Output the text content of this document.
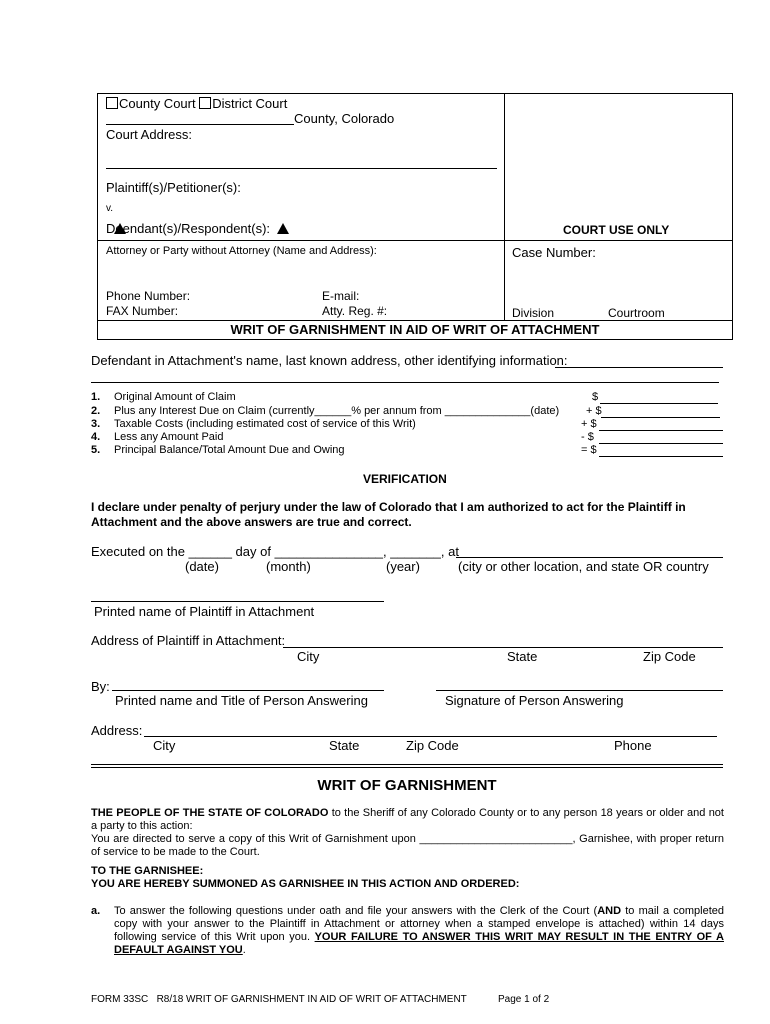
County Court District Court
County, Colorado
Court Address:
Plaintiff(s)/Petitioner(s):
v.
Deendant(s)/Respondent(s):	COURT USE ONLY
Attorney or Party without Attorney (Name and Address):	Case Number:
Phone Number:	E-mail:
FAX Number:	Atty. Reg. #:	Division	Courtroom
WRIT OF GARNISHMENT IN AID OF WRIT OF ATTACHMENT
Defendant in Attachment's name, last known address, other identifying information:
1. Original Amount of Claim	$
2. Plus any Interest Due on Claim (currently______% per annum from ______________(date) + $
3. Taxable Costs (including estimated cost of service of this Writ)	+ $
4. Less any Amount Paid	- $
5. Principal Balance/Total Amount Due and Owing	= $
VERIFICATION
I declare under penalty of perjury under the law of Colorado that I am authorized to act for the Plaintiff in Attachment and the above answers are true and correct.
Executed on the ______ day of _______________, _______, at
(date)	(month)	(year)	(city or other location, and state OR country
Printed name of Plaintiff in Attachment
Address of Plaintiff in Attachment:
City	State	Zip Code
By:
Printed name and Title of Person Answering	Signature of Person Answering
Address:
City	State	Zip Code	Phone
WRIT OF GARNISHMENT
THE PEOPLE OF THE STATE OF COLORADO to the Sheriff of any Colorado County or to any person 18 years or older and not a party to this action:
You are directed to serve a copy of this Writ of Garnishment upon _________________________, Garnishee, with proper return of service to be made to the Court.
TO THE GARNISHEE:
YOU ARE HEREBY SUMMONED AS GARNISHEE IN THIS ACTION AND ORDERED:
a. To answer the following questions under oath and file your answers with the Clerk of the Court (AND to mail a completed copy with your answer to the Plaintiff in Attachment or attorney when a stamped envelope is attached) within 14 days following service of this Writ upon you. YOUR FAILURE TO ANSWER THIS WRIT MAY RESULT IN THE ENTRY OF A DEFAULT AGAINST YOU.
FORM 33SC   R8/18 WRIT OF GARNISHMENT IN AID OF WRIT OF ATTACHMENT	Page 1 of 2
